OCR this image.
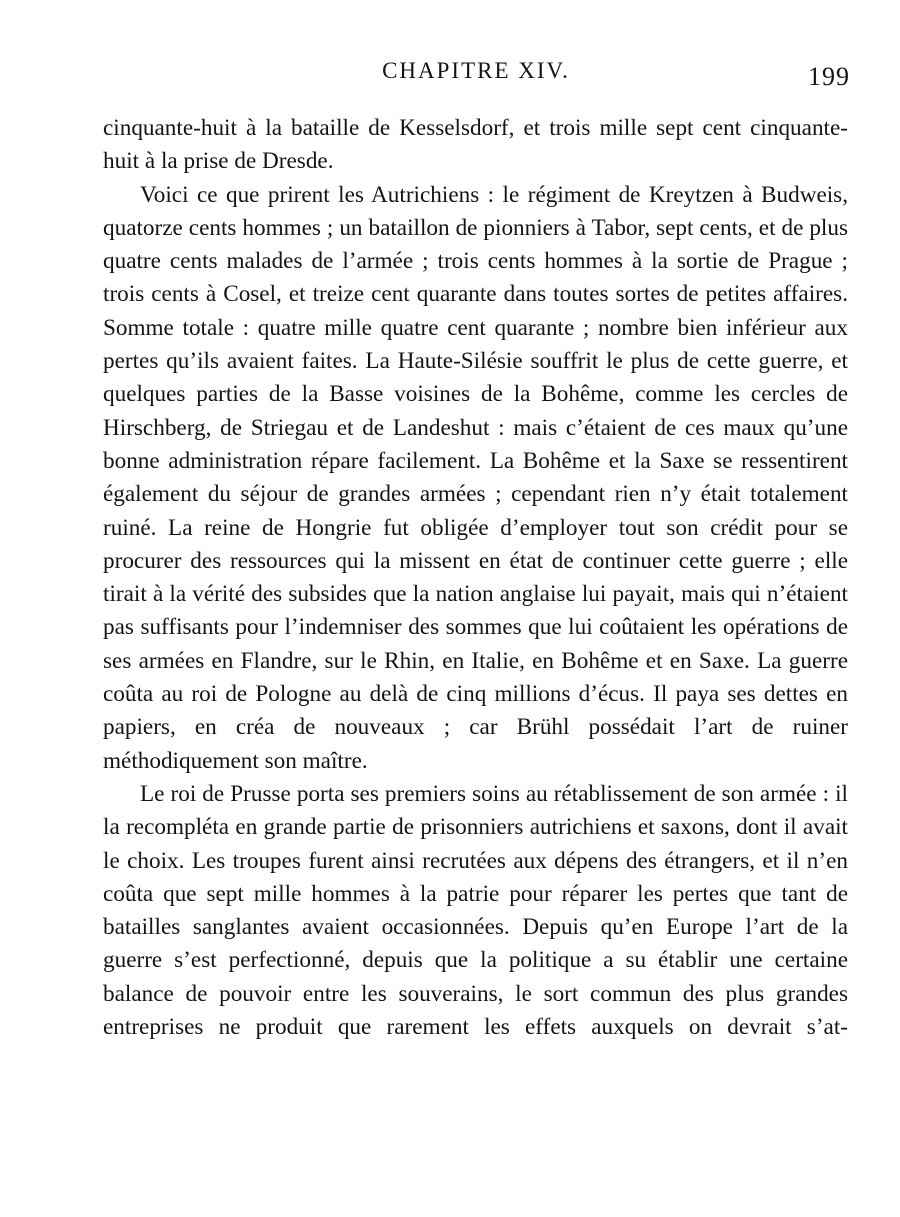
CHAPITRE XIV.	199

cinquante-huit à la bataille de Kesselsdorf, et trois mille sept cent cinquante-huit à la prise de Dresde.

Voici ce que prirent les Autrichiens : le régiment de Kreytzen à Budweis, quatorze cents hommes ; un bataillon de pionniers à Tabor, sept cents, et de plus quatre cents malades de l’armée ; trois cents hommes à la sortie de Prague ; trois cents à Cosel, et treize cent quarante dans toutes sortes de petites affaires. Somme totale : quatre mille quatre cent quarante ; nombre bien inférieur aux pertes qu’ils avaient faites. La Haute-Silésie souffrit le plus de cette guerre, et quelques parties de la Basse voisines de la Bohême, comme les cercles de Hirschberg, de Striegau et de Landeshut : mais c’étaient de ces maux qu’une bonne administration répare facilement. La Bohême et la Saxe se ressentirent également du séjour de grandes armées ; cependant rien n’y était totalement ruiné. La reine de Hongrie fut obligée d’employer tout son crédit pour se procurer des ressources qui la missent en état de continuer cette guerre ; elle tirait à la vérité des subsides que la nation anglaise lui payait, mais qui n’étaient pas suffisants pour l’indemniser des sommes que lui coûtaient les opérations de ses armées en Flandre, sur le Rhin, en Italie, en Bohême et en Saxe. La guerre coûta au roi de Pologne au delà de cinq millions d’écus. Il paya ses dettes en papiers, en créa de nouveaux ; car Brühl possédait l’art de ruiner méthodiquement son maître.

Le roi de Prusse porta ses premiers soins au rétablissement de son armée : il la recompléta en grande partie de prisonniers autrichiens et saxons, dont il avait le choix. Les troupes furent ainsi recrutées aux dépens des étrangers, et il n’en coûta que sept mille hommes à la patrie pour réparer les pertes que tant de batailles sanglantes avaient occasionnées. Depuis qu’en Europe l’art de la guerre s’est perfectionné, depuis que la politique a su établir une certaine balance de pouvoir entre les souverains, le sort commun des plus grandes entreprises ne produit que rarement les effets auxquels on devrait s’at-
